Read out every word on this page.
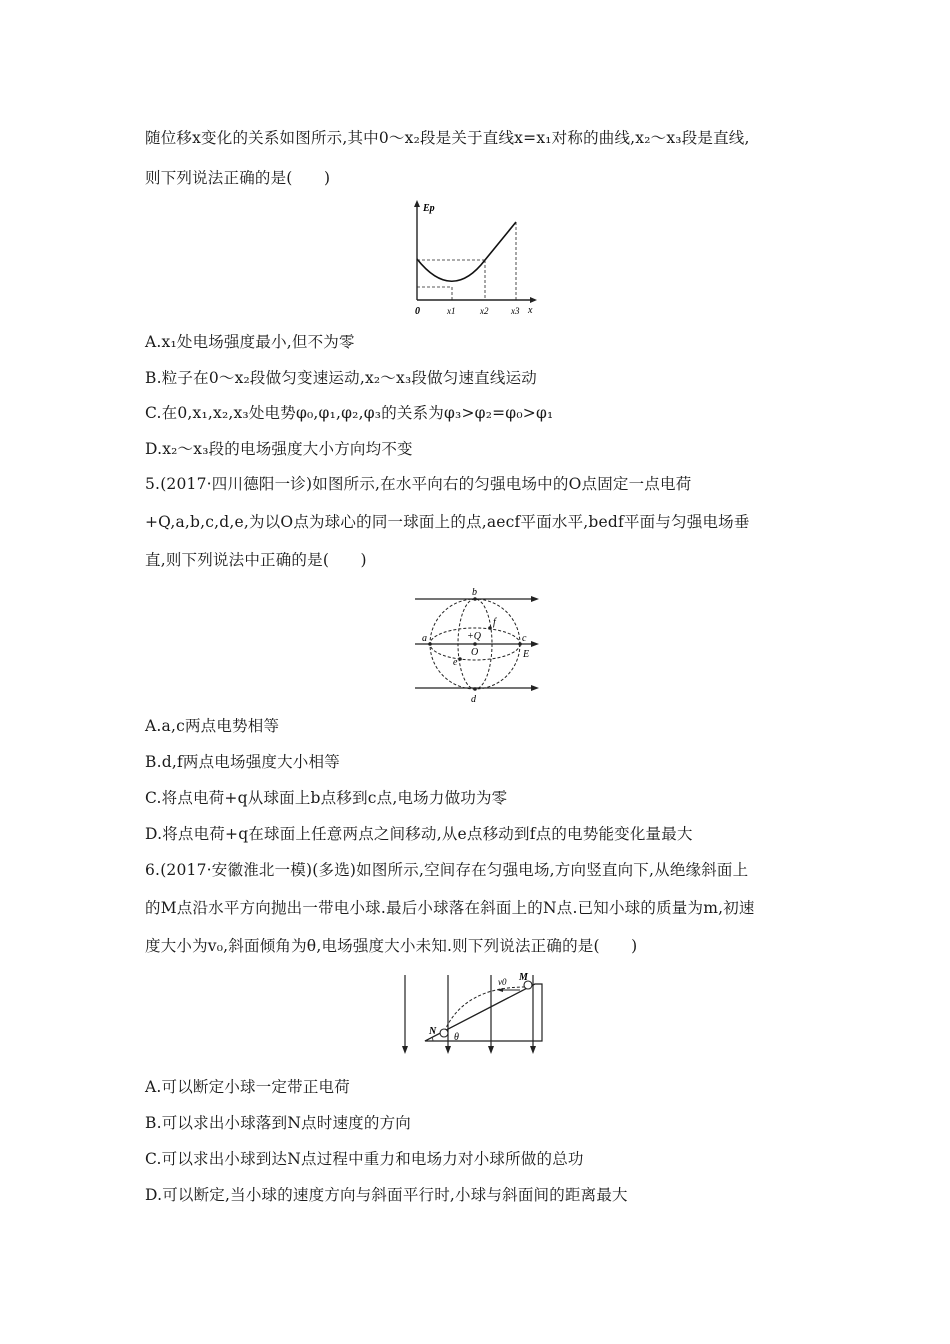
随位移x变化的关系如图所示,其中0～x₂段是关于直线x=x₁对称的曲线,x₂～x₃段是直线,
则下列说法正确的是(　　)
Ep
0	x1	x2	x3 x
A.x₁处电场强度最小,但不为零
B.粒子在0～x₂段做匀变速运动,x₂～x₃段做匀速直线运动
C.在0,x₁,x₂,x₃处电势φ₀,φ₁,φ₂,φ₃的关系为φ₃>φ₂=φ₀>φ₁
D.x₂～x₃段的电场强度大小方向均不变
5.(2017·四川德阳一诊)如图所示,在水平向右的匀强电场中的O点固定一点电荷
+Q,a,b,c,d,e,为以O点为球心的同一球面上的点,aecf平面水平,bedf平面与匀强电场垂
直,则下列说法中正确的是(　　)
b
a	c
d
e
f
+Q
O	E
A.a,c两点电势相等
B.d,f两点电场强度大小相等
C.将点电荷+q从球面上b点移到c点,电场力做功为零
D.将点电荷+q在球面上任意两点之间移动,从e点移动到f点的电势能变化量最大
6.(2017·安徽淮北一模)(多选)如图所示,空间存在匀强电场,方向竖直向下,从绝缘斜面上
的M点沿水平方向抛出一带电小球.最后小球落在斜面上的N点.已知小球的质量为m,初速
度大小为v₀,斜面倾角为θ,电场强度大小未知.则下列说法正确的是(　　)
M
N
v0
θ
A.可以断定小球一定带正电荷
B.可以求出小球落到N点时速度的方向
C.可以求出小球到达N点过程中重力和电场力对小球所做的总功
D.可以断定,当小球的速度方向与斜面平行时,小球与斜面间的距离最大
